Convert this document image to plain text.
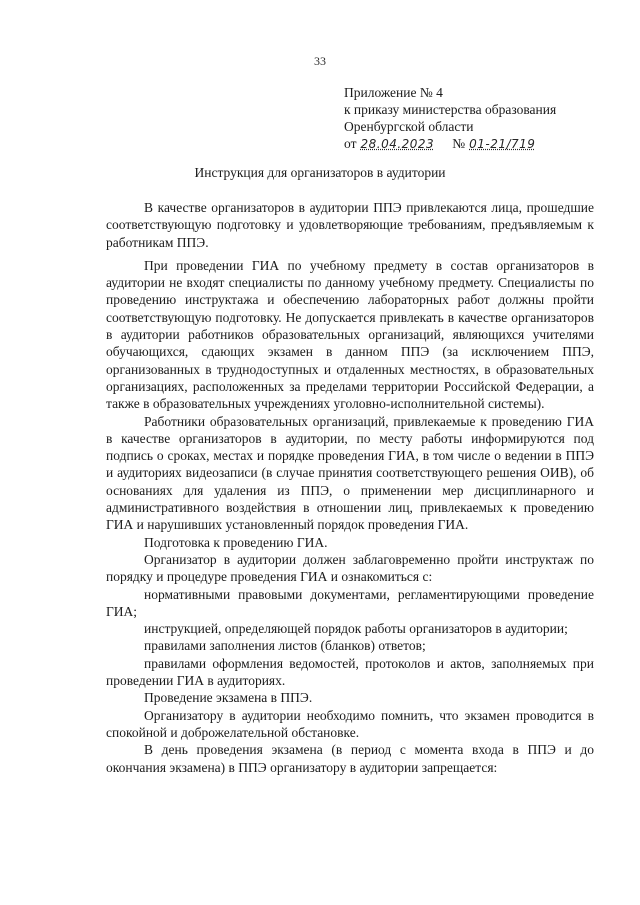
33
Приложение № 4
к приказу министерства образования
Оренбургской области
от 28.04.2023 № 01-21/719
Инструкция для организаторов в аудитории

В качестве организаторов в аудитории ППЭ привлекаются лица, прошедшие соответствующую подготовку и удовлетворяющие требованиям, предъявляемым к работникам ППЭ.

При проведении ГИА по учебному предмету в состав организаторов в аудитории не входят специалисты по данному учебному предмету. Специалисты по проведению инструктажа и обеспечению лабораторных работ должны пройти соответствующую подготовку. Не допускается привлекать в качестве организаторов в аудитории работников образовательных организаций, являющихся учителями обучающихся, сдающих экзамен в данном ППЭ (за исключением ППЭ, организованных в труднодоступных и отдаленных местностях, в образовательных организациях, расположенных за пределами территории Российской Федерации, а также в образовательных учреждениях уголовно-исполнительной системы).

Работники образовательных организаций, привлекаемые к проведению ГИА в качестве организаторов в аудитории, по месту работы информируются под подпись о сроках, местах и порядке проведения ГИА, в том числе о ведении в ППЭ и аудиториях видеозаписи (в случае принятия соответствующего решения ОИВ), об основаниях для удаления из ППЭ, о применении мер дисциплинарного и административного воздействия в отношении лиц, привлекаемых к проведению ГИА и нарушивших установленный порядок проведения ГИА.

Подготовка к проведению ГИА.

Организатор в аудитории должен заблаговременно пройти инструктаж по порядку и процедуре проведения ГИА и ознакомиться с:

нормативными правовыми документами, регламентирующими проведение ГИА;

инструкцией, определяющей порядок работы организаторов в аудитории;

правилами заполнения листов (бланков) ответов;

правилами оформления ведомостей, протоколов и актов, заполняемых при проведении ГИА в аудиториях.

Проведение экзамена в ППЭ.

Организатору в аудитории необходимо помнить, что экзамен проводится в спокойной и доброжелательной обстановке.

В день проведения экзамена (в период с момента входа в ППЭ и до окончания экзамена) в ППЭ организатору в аудитории запрещается:
